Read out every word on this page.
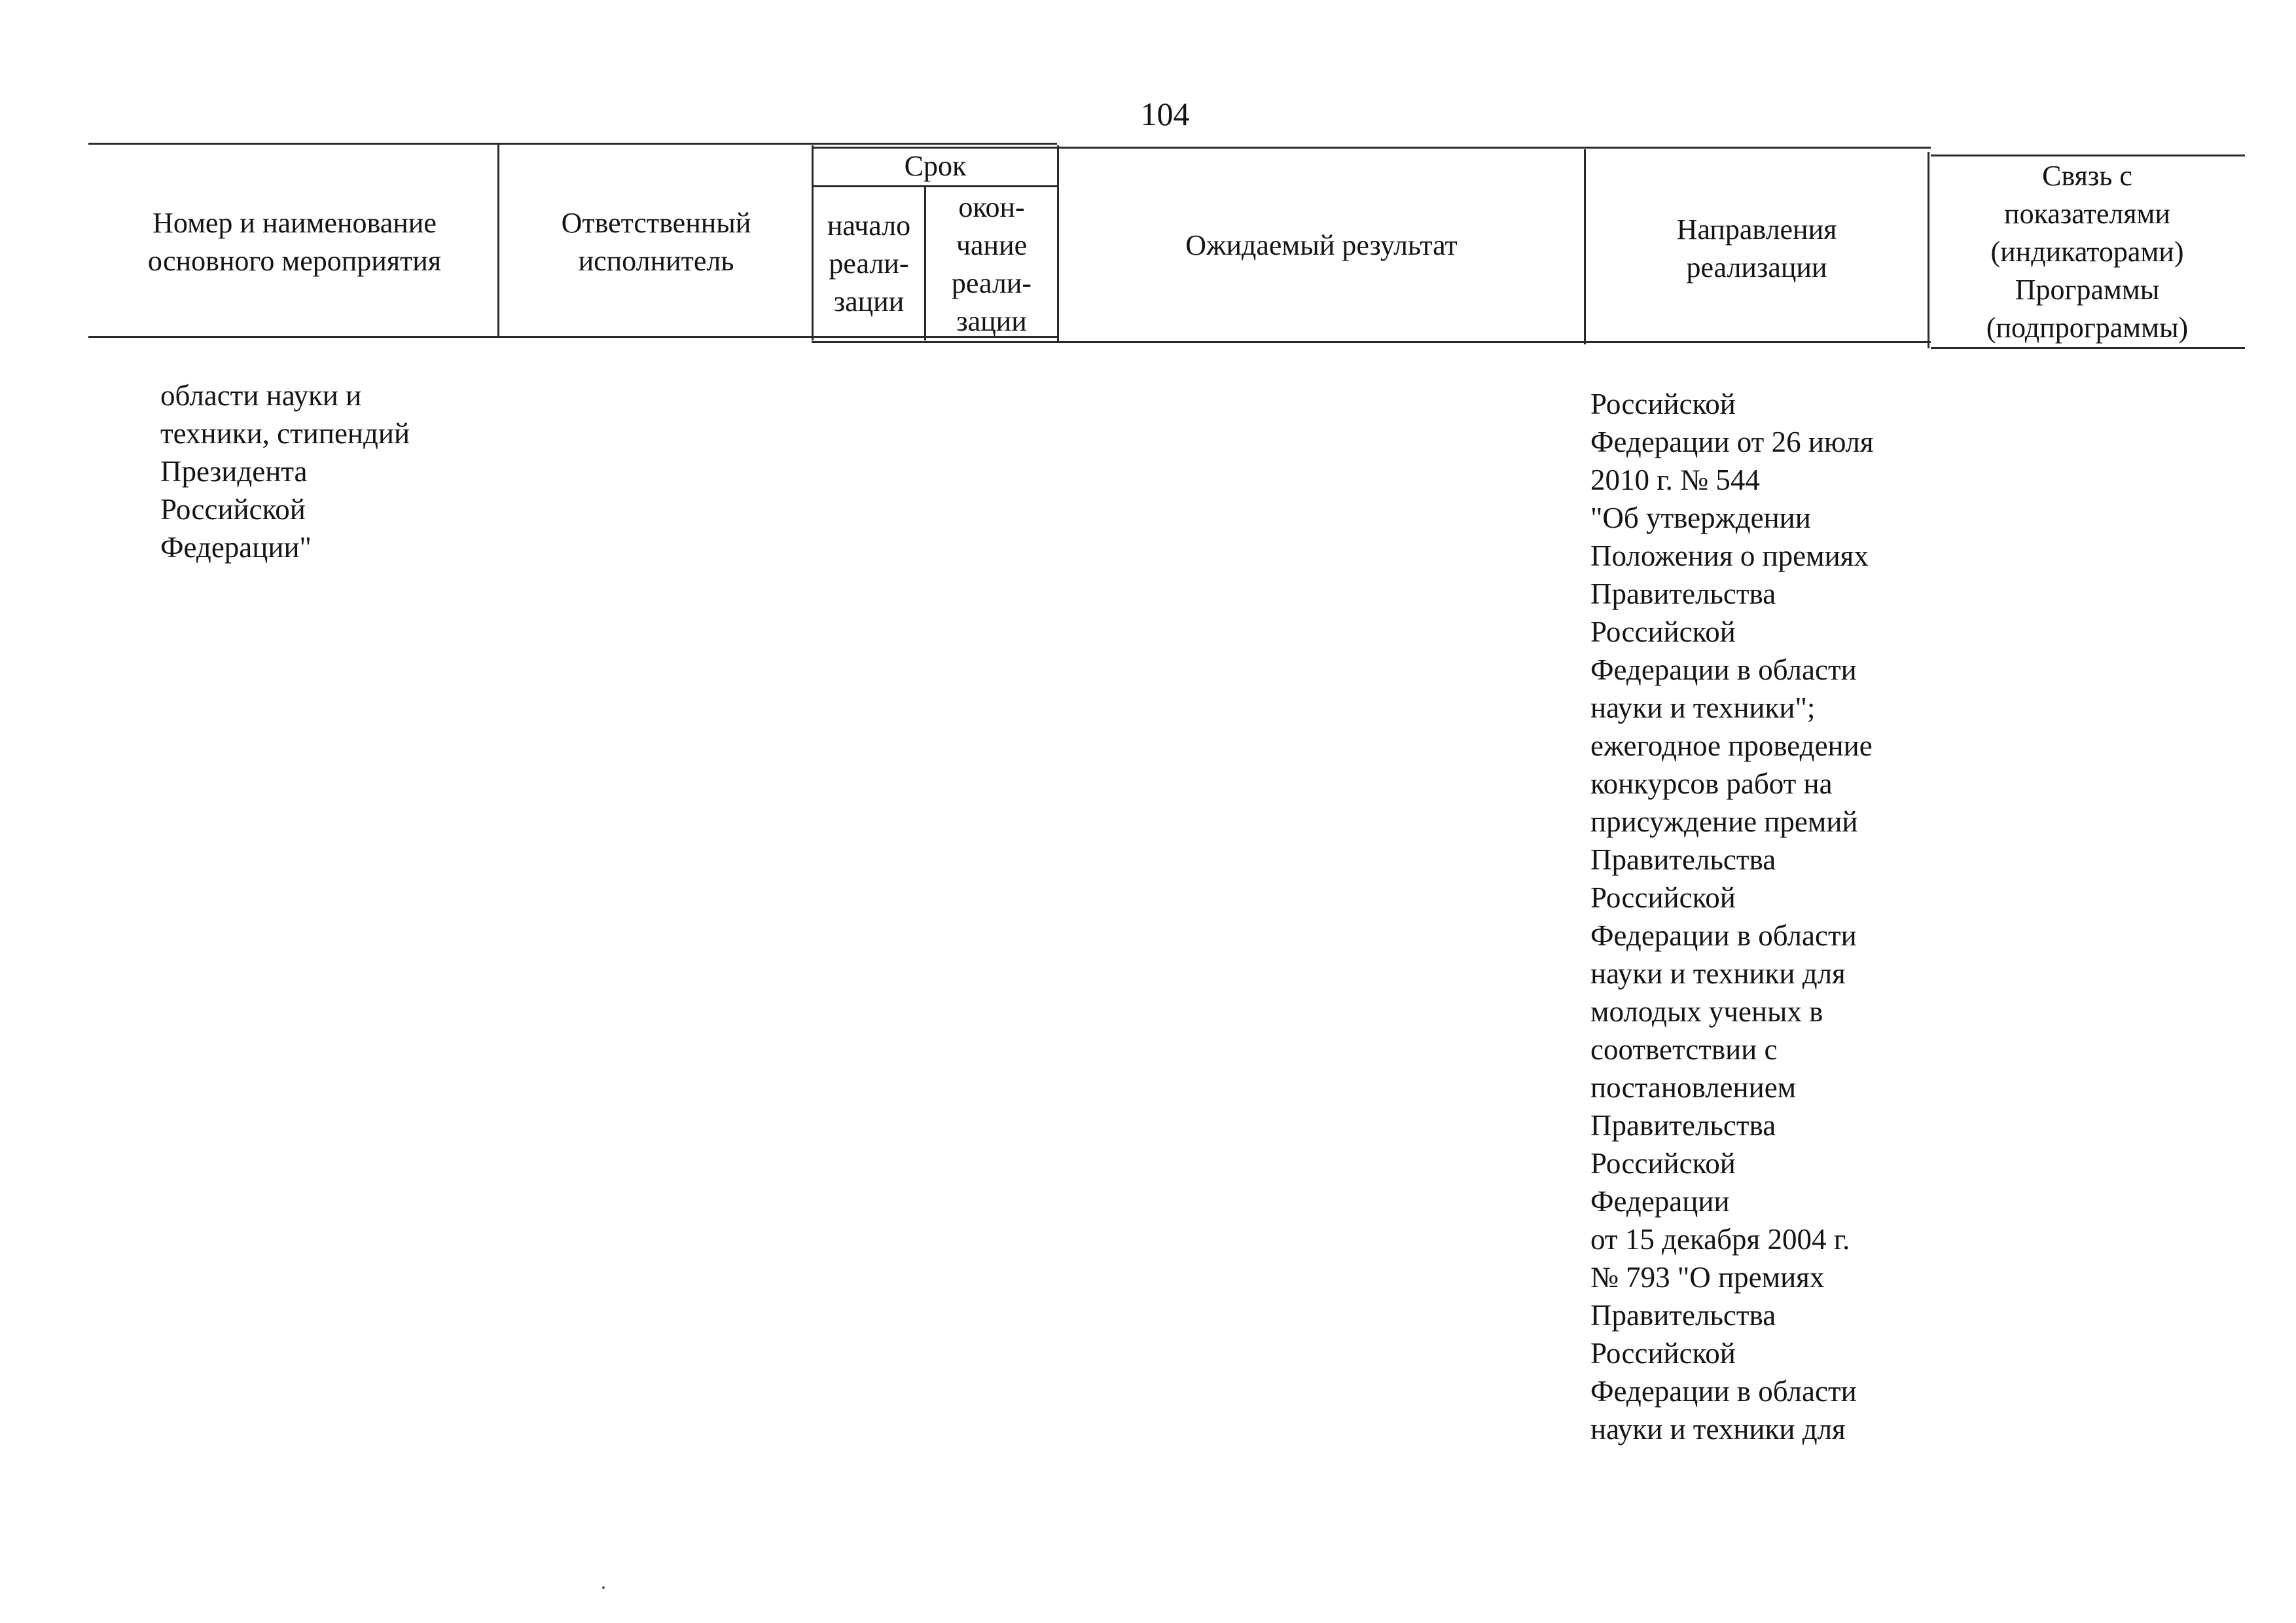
104
Номер и наименование
основного мероприятия
Ответственный
исполнитель
Срок
начало
реали-
зации
окон-
чание
реали-
зации
Ожидаемый результат	Направления
реализации
Связь с
показателями
(индикаторами)
Программы
(подпрограммы)
области науки и
техники, стипендий
Президента
Российской
Федерации"
Российской
Федерации от 26 июля
2010 г. № 544
"Об утверждении
Положения о премиях
Правительства
Российской
Федерации в области
науки и техники";
ежегодное проведение
конкурсов работ на
присуждение премий
Правительства
Российской
Федерации в области
науки и техники для
молодых ученых в
соответствии с
постановлением
Правительства
Российской
Федерации
от 15 декабря 2004 г.
№ 793 "О премиях
Правительства
Российской
Федерации в области
науки и техники для
